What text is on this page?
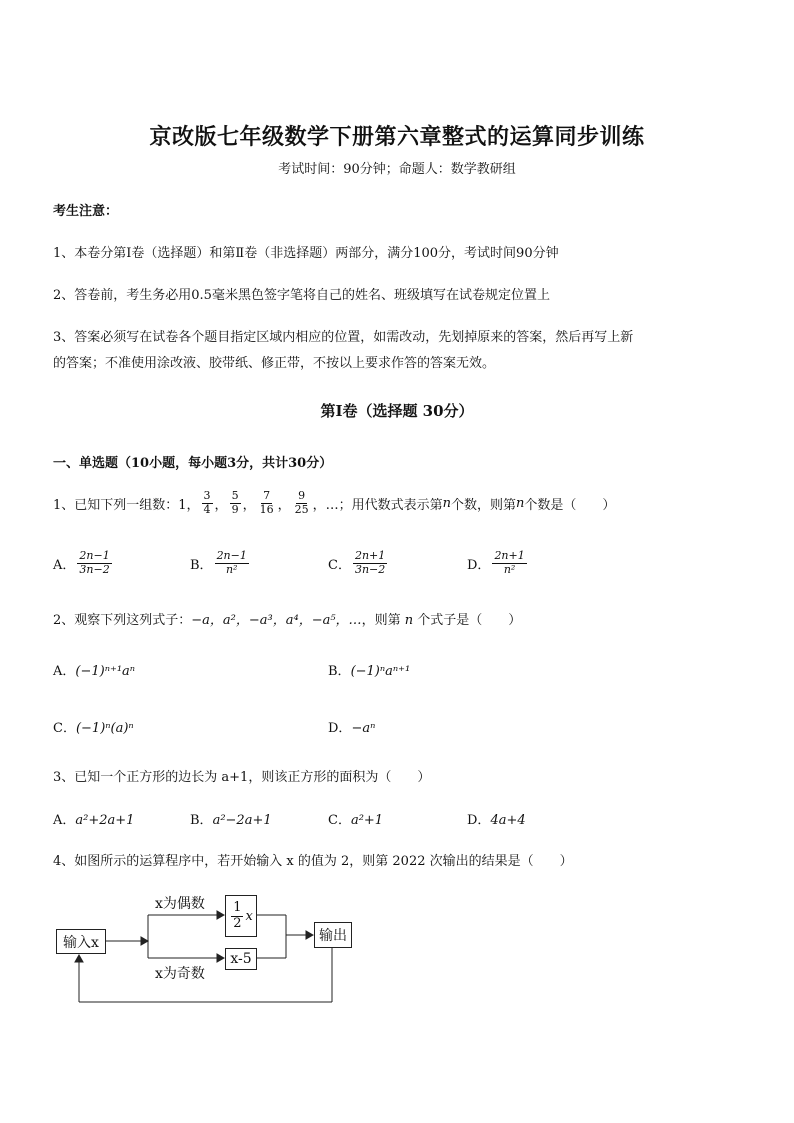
京改版七年级数学下册第六章整式的运算同步训练
考试时间：90分钟；命题人：数学教研组
考生注意：
1、本卷分第Ⅰ卷（选择题）和第Ⅱ卷（非选择题）两部分，满分100分，考试时间90分钟
2、答卷前，考生务必用0.5毫米黑色签字笔将自己的姓名、班级填写在试卷规定位置上
3、答案必须写在试卷各个题目指定区域内相应的位置，如需改动，先划掉原来的答案，然后再写上新
的答案；不准使用涂改液、胶带纸、修正带，不按以上要求作答的答案无效。
第Ⅰ卷（选择题 30分）
一、单选题（10小题，每小题3分，共计30分）
1、已知下列一组数：1， $\frac{3}{4}$ ， $\frac{5}{9}$ ， $\frac{7}{16}$ ， $\frac{9}{25}$ ，…；用代数式表示第 n 个数，则第 n 个数是（　　）
A． $\frac{2n-1}{3n-2}$	B． $\frac{2n-1}{\text{n²}}$	C． $\frac{2n+1}{3n-2}$	D． $\frac{2n+1}{\text{n²}}$
2、观察下列这列式子：−a，a²，−a³，a⁴，−a⁵，…，则第 n 个式子是（　　）
A．(−1)ⁿ⁺¹aⁿ	B．(−1)ⁿaⁿ⁺¹
C．(−1)ⁿ(a)ⁿ	D．−aⁿ
3、已知一个正方形的边长为 a+1，则该正方形的面积为（　　）
A．a²+2a+1	B．a²−2a+1	C．a²+1	D．4a+4
4、如图所示的运算程序中，若开始输入 x 的值为 2，则第 2022 次输出的结果是（　　）
输入x
x为偶数
x为奇数
$\frac{1}{2}$ x
x-5
输出
